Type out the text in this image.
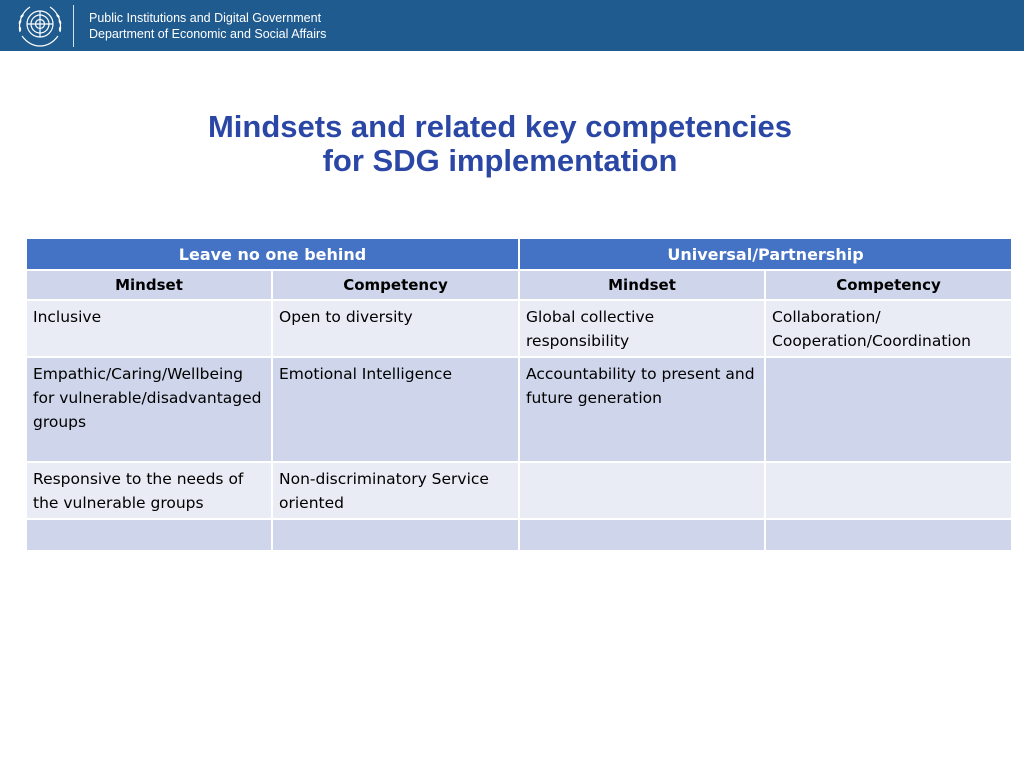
Public Institutions and Digital Government
Department of Economic and Social Affairs
Mindsets and related key competencies
for SDG implementation
Leave no one behind		Universal/Partnership	
Mindset	Competency	Mindset	Competency
Inclusive	Open to diversity	Global collective responsibility	Collaboration/ Cooperation/Coordination
Empathic/Caring/Wellbeing for vulnerable/disadvantaged groups	Emotional Intelligence	Accountability to present and future generation	
Responsive to the needs of the vulnerable groups	Non-discriminatory Service oriented		
